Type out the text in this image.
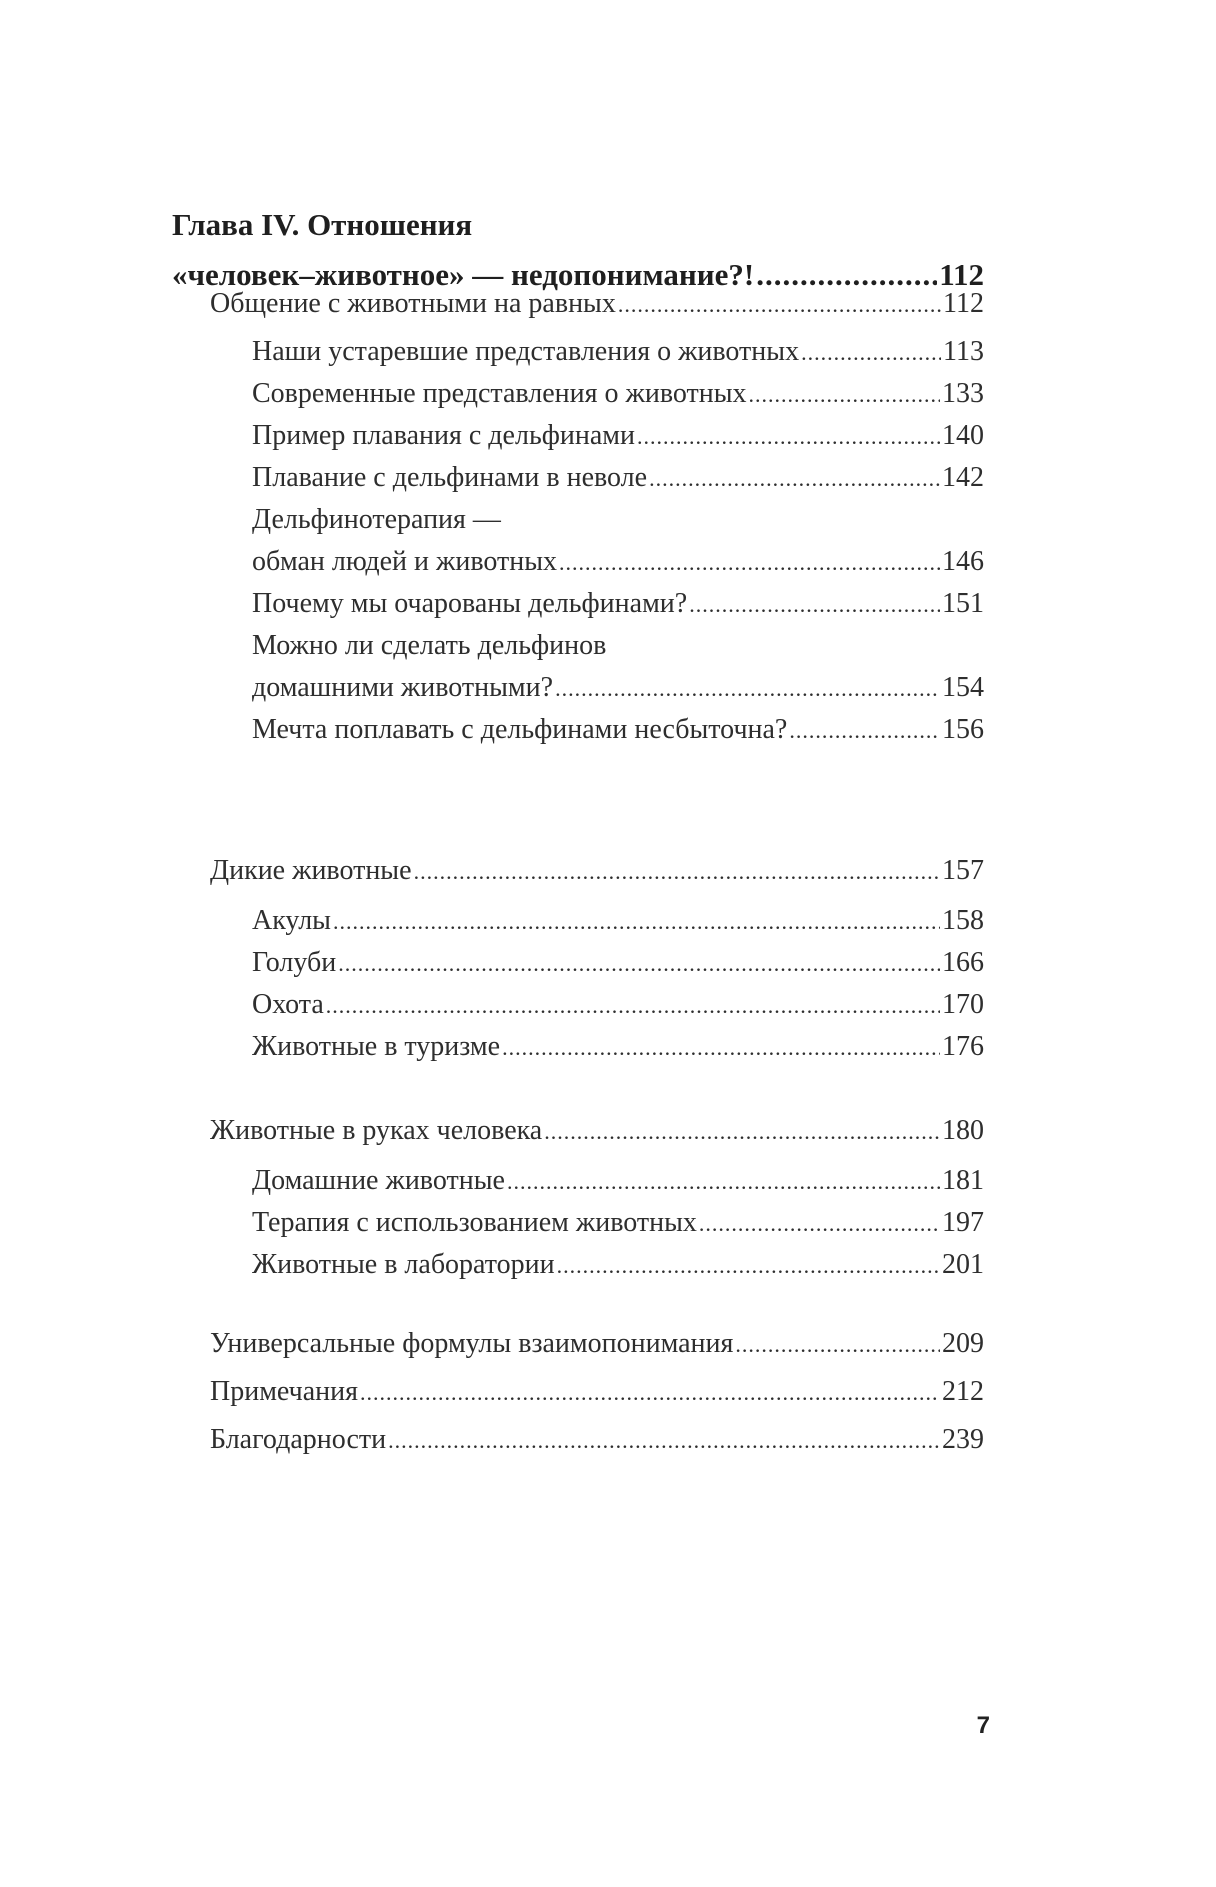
Глава IV. Отношения
«человек–животное» — недопонимание?! .....	112
Общение с животными на равных .....	112
Наши устаревшие представления о животных .....	113
Современные представления о животных .....	133
Пример плавания с дельфинами .....	140
Плавание с дельфинами в неволе .....	142
Дельфинотерапия —
обман людей и животных .....	146
Почему мы очарованы дельфинами? .....	151
Можно ли сделать дельфинов
домашними животными? .....	154
Мечта поплавать с дельфинами несбыточна? .....	156
Дикие животные .....	157
Акулы .....	158
Голуби .....	166
Охота .....	170
Животные в туризме .....	176
Животные в руках человека .....	180
Домашние животные .....	181
Терапия с использованием животных .....	197
Животные в лаборатории .....	201
Универсальные формулы взаимопонимания .....	209
Примечания .....	212
Благодарности .....	239
7
